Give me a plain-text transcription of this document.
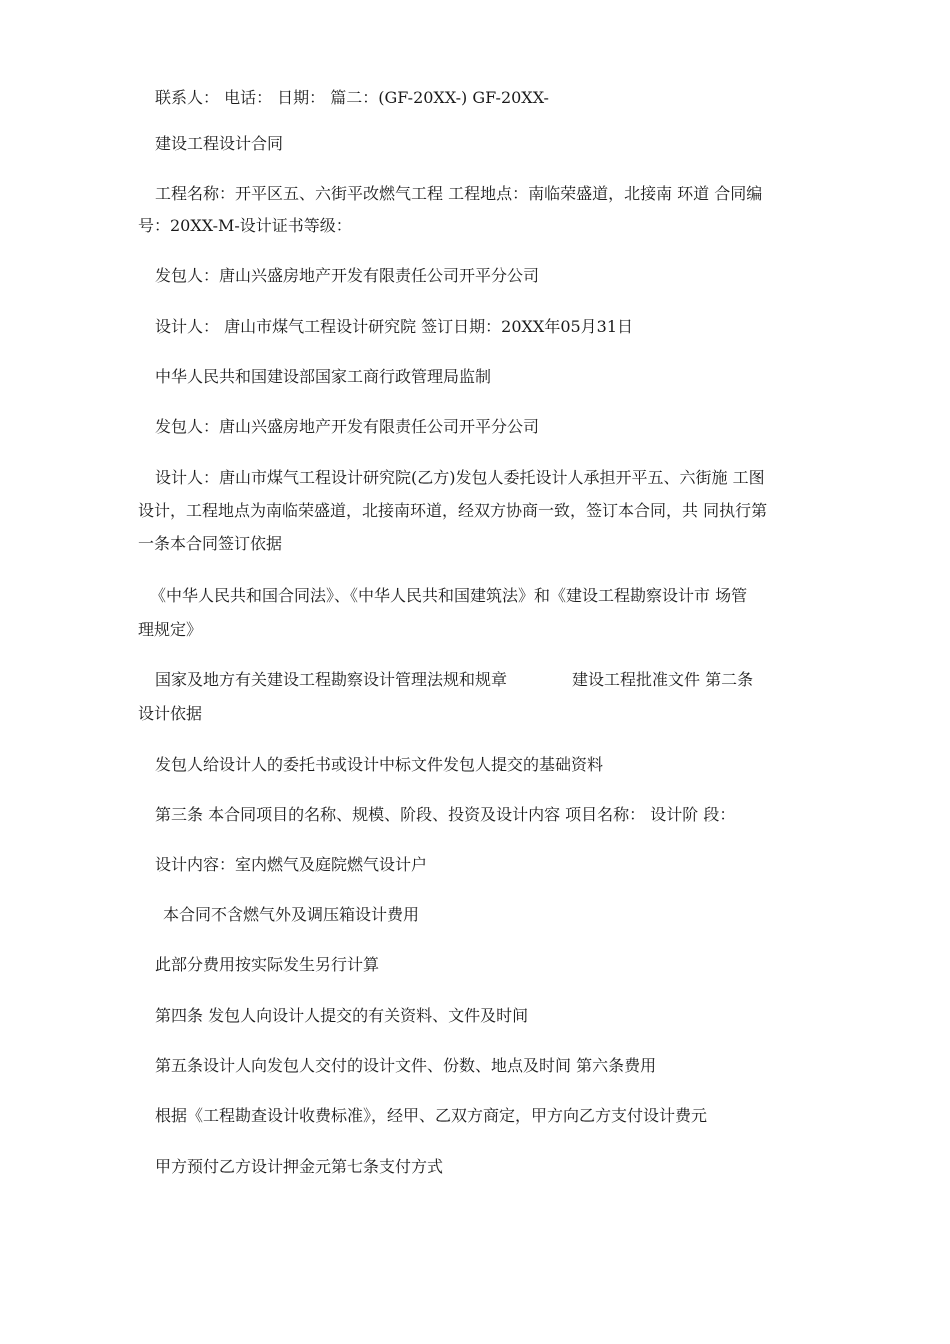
联系人： 电话： 日期： 篇二：(GF-20XX-) GF-20XX-
建设工程设计合同
工程名称：开平区五、六街平改燃气工程 工程地点：南临荣盛道，北接南 环道 合同编
号：20XX-M-设计证书等级：
发包人：唐山兴盛房地产开发有限责任公司开平分公司
设计人： 唐山市煤气工程设计研究院 签订日期：20XX年05月31日
中华人民共和国建设部国家工商行政管理局监制
发包人：唐山兴盛房地产开发有限责任公司开平分公司
设计人：唐山市煤气工程设计研究院(乙方)发包人委托设计人承担开平五、六街施 工图
设计，工程地点为南临荣盛道，北接南环道，经双方协商一致，签订本合同，共 同执行第
一条本合同签订依据
《中华人民共和国合同法》、《中华人民共和国建筑法》和《建设工程勘察设计市 场管
理规定》
国家及地方有关建设工程勘察设计管理法规和规章	建设工程批准文件 第二条
设计依据
发包人给设计人的委托书或设计中标文件发包人提交的基础资料
第三条 本合同项目的名称、规模、阶段、投资及设计内容 项目名称： 设计阶 段：
设计内容：室内燃气及庭院燃气设计户
本合同不含燃气外及调压箱设计费用
此部分费用按实际发生另行计算
第四条 发包人向设计人提交的有关资料、文件及时间
第五条设计人向发包人交付的设计文件、份数、地点及时间 第六条费用
根据《工程勘查设计收费标准》，经甲、乙双方商定，甲方向乙方支付设计费元
甲方预付乙方设计押金元第七条支付方式
